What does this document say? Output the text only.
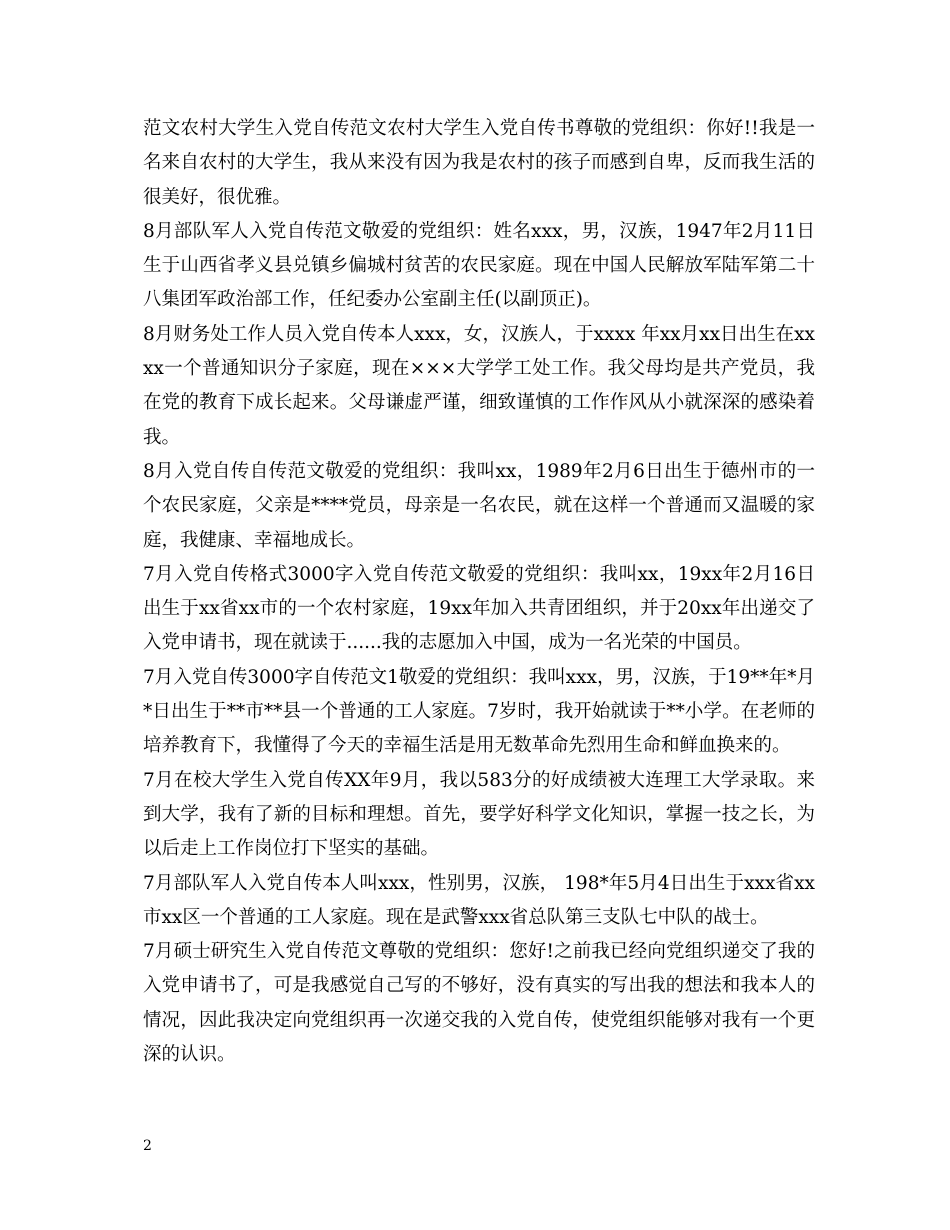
范文农村大学生入党自传范文农村大学生入党自传书尊敬的党组织：你好!!我是一名来自农村的大学生，我从来没有因为我是农村的孩子而感到自卑，反而我生活的很美好，很优雅。

8月部队军人入党自传范文敬爱的党组织：姓名xxx，男，汉族，1947年2月11日生于山西省孝义县兑镇乡偏城村贫苦的农民家庭。现在中国人民解放军陆军第二十八集团军政治部工作，任纪委办公室副主任(以副顶正)。

8月财务处工作人员入党自传本人xxx，女，汉族人，于xxxx 年xx月xx日出生在xxxx一个普通知识分子家庭，现在×××大学学工处工作。我父母均是共产党员，我在党的教育下成长起来。父母谦虚严谨，细致谨慎的工作作风从小就深深的感染着我。

8月入党自传自传范文敬爱的党组织：我叫xx，1989年2月6日出生于德州市的一个农民家庭，父亲是****党员，母亲是一名农民，就在这样一个普通而又温暖的家庭，我健康、幸福地成长。

7月入党自传格式3000字入党自传范文敬爱的党组织：我叫xx，19xx年2月16日出生于xx省xx市的一个农村家庭，19xx年加入共青团组织，并于20xx年出递交了入党申请书，现在就读于......我的志愿加入中国，成为一名光荣的中国员。

7月入党自传3000字自传范文1敬爱的党组织：我叫xxx，男，汉族，于19**年*月*日出生于**市**县一个普通的工人家庭。7岁时，我开始就读于**小学。在老师的培养教育下，我懂得了今天的幸福生活是用无数革命先烈用生命和鲜血换来的。

7月在校大学生入党自传XX年9月，我以583分的好成绩被大连理工大学录取。来到大学，我有了新的目标和理想。首先，要学好科学文化知识，掌握一技之长，为以后走上工作岗位打下坚实的基础。

7月部队军人入党自传本人叫xxx，性别男，汉族， 198*年5月4日出生于xxx省xx市xx区一个普通的工人家庭。现在是武警xxx省总队第三支队七中队的战士。

7月硕士研究生入党自传范文尊敬的党组织：您好!之前我已经向党组织递交了我的入党申请书了，可是我感觉自己写的不够好，没有真实的写出我的想法和我本人的情况，因此我决定向党组织再一次递交我的入党自传，使党组织能够对我有一个更深的认识。

2
